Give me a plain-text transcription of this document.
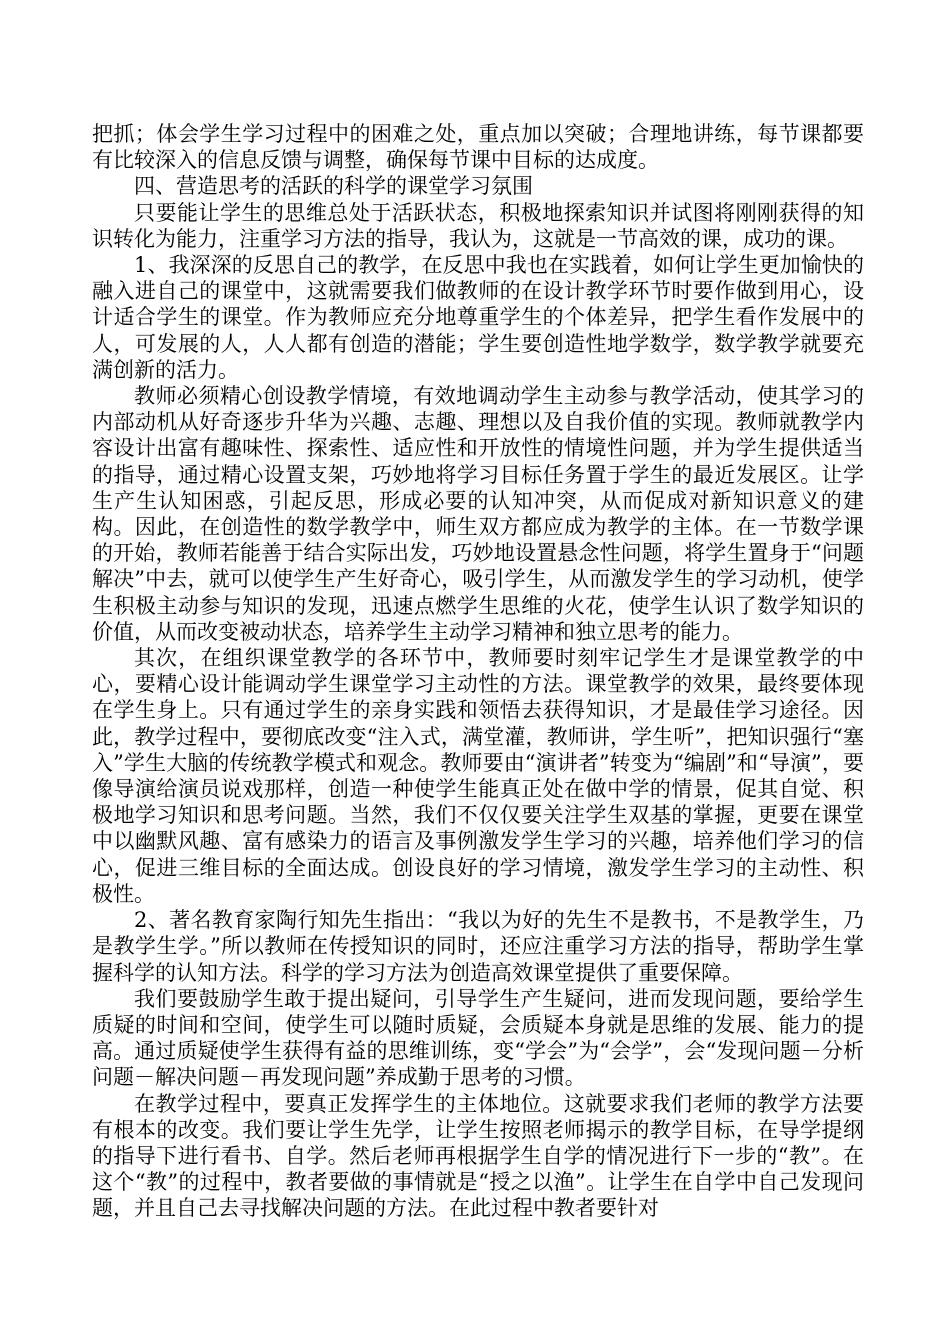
把抓；体会学生学习过程中的困难之处，重点加以突破；合理地讲练，每节课都要有比较深入的信息反馈与调整，确保每节课中目标的达成度。

四、营造思考的活跃的科学的课堂学习氛围

只要能让学生的思维总处于活跃状态，积极地探索知识并试图将刚刚获得的知识转化为能力，注重学习方法的指导，我认为，这就是一节高效的课，成功的课。

1、我深深的反思自己的教学，在反思中我也在实践着，如何让学生更加愉快的融入进自己的课堂中，这就需要我们做教师的在设计教学环节时要作做到用心，设计适合学生的课堂。作为教师应充分地尊重学生的个体差异，把学生看作发展中的人，可发展的人，人人都有创造的潜能；学生要创造性地学数学，数学教学就要充满创新的活力。

教师必须精心创设教学情境，有效地调动学生主动参与教学活动，使其学习的内部动机从好奇逐步升华为兴趣、志趣、理想以及自我价值的实现。教师就教学内容设计出富有趣味性、探索性、适应性和开放性的情境性问题，并为学生提供适当的指导，通过精心设置支架，巧妙地将学习目标任务置于学生的最近发展区。让学生产生认知困惑，引起反思，形成必要的认知冲突，从而促成对新知识意义的建构。因此，在创造性的数学教学中，师生双方都应成为教学的主体。在一节数学课的开始，教师若能善于结合实际出发，巧妙地设置悬念性问题，将学生置身于“问题解决”中去，就可以使学生产生好奇心，吸引学生，从而激发学生的学习动机，使学生积极主动参与知识的发现，迅速点燃学生思维的火花，使学生认识了数学知识的价值，从而改变被动状态，培养学生主动学习精神和独立思考的能力。

其次，在组织课堂教学的各环节中，教师要时刻牢记学生才是课堂教学的中心，要精心设计能调动学生课堂学习主动性的方法。课堂教学的效果，最终要体现在学生身上。只有通过学生的亲身实践和领悟去获得知识，才是最佳学习途径。因此，教学过程中，要彻底改变“注入式，满堂灌，教师讲，学生听”，把知识强行“塞入”学生大脑的传统教学模式和观念。教师要由“演讲者”转变为“编剧”和“导演”，要像导演给演员说戏那样，创造一种使学生能真正处在做中学的情景，促其自觉、积极地学习知识和思考问题。当然，我们不仅仅要关注学生双基的掌握，更要在课堂中以幽默风趣、富有感染力的语言及事例激发学生学习的兴趣，培养他们学习的信心，促进三维目标的全面达成。创设良好的学习情境，激发学生学习的主动性、积极性。

2、著名教育家陶行知先生指出：“我以为好的先生不是教书，不是教学生，乃是教学生学。”所以教师在传授知识的同时，还应注重学习方法的指导，帮助学生掌握科学的认知方法。科学的学习方法为创造高效课堂提供了重要保障。

我们要鼓励学生敢于提出疑问，引导学生产生疑问，进而发现问题，要给学生质疑的时间和空间，使学生可以随时质疑，会质疑本身就是思维的发展、能力的提高。通过质疑使学生获得有益的思维训练，变“学会”为“会学”，会“发现问题－分析问题－解决问题－再发现问题”养成勤于思考的习惯。

在教学过程中，要真正发挥学生的主体地位。这就要求我们老师的教学方法要有根本的改变。我们要让学生先学，让学生按照老师揭示的教学目标，在导学提纲的指导下进行看书、自学。然后老师再根据学生自学的情况进行下一步的“教”。在这个“教”的过程中，教者要做的事情就是“授之以渔”。让学生在自学中自己发现问题，并且自己去寻找解决问题的方法。在此过程中教者要针对
